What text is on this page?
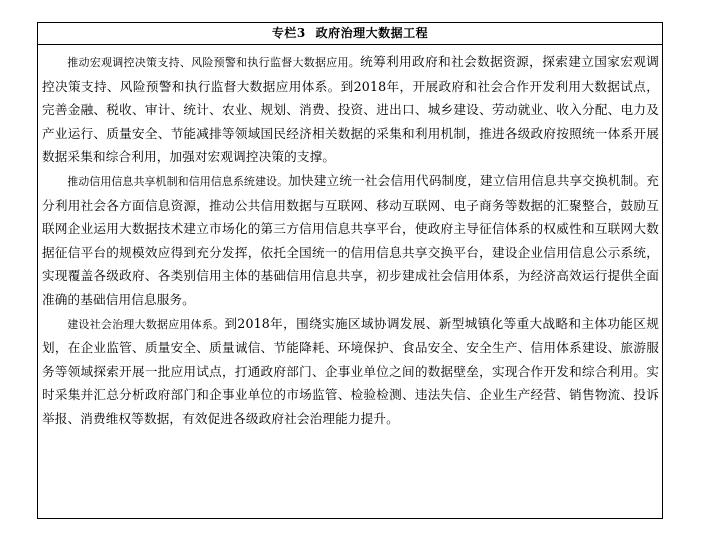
专栏3 政府治理大数据工程

推动宏观调控决策支持、风险预警和执行监督大数据应用。统筹利用政府和社会数据资源，探索建立国家宏观调控决策支持、风险预警和执行监督大数据应用体系。到2018年，开展政府和社会合作开发利用大数据试点，完善金融、税收、审计、统计、农业、规划、消费、投资、进出口、城乡建设、劳动就业、收入分配、电力及产业运行、质量安全、节能减排等领域国民经济相关数据的采集和利用机制，推进各级政府按照统一体系开展数据采集和综合利用，加强对宏观调控决策的支撑。

推动信用信息共享机制和信用信息系统建设。加快建立统一社会信用代码制度，建立信用信息共享交换机制。充分利用社会各方面信息资源，推动公共信用数据与互联网、移动互联网、电子商务等数据的汇聚整合，鼓励互联网企业运用大数据技术建立市场化的第三方信用信息共享平台，使政府主导征信体系的权威性和互联网大数据征信平台的规模效应得到充分发挥，依托全国统一的信用信息共享交换平台，建设企业信用信息公示系统，实现覆盖各级政府、各类别信用主体的基础信用信息共享，初步建成社会信用体系，为经济高效运行提供全面准确的基础信用信息服务。

建设社会治理大数据应用体系。到2018年，围绕实施区域协调发展、新型城镇化等重大战略和主体功能区规划，在企业监管、质量安全、质量诚信、节能降耗、环境保护、食品安全、安全生产、信用体系建设、旅游服务等领域探索开展一批应用试点，打通政府部门、企事业单位之间的数据壁垒，实现合作开发和综合利用。实时采集并汇总分析政府部门和企事业单位的市场监管、检验检测、违法失信、企业生产经营、销售物流、投诉举报、消费维权等数据，有效促进各级政府社会治理能力提升。
